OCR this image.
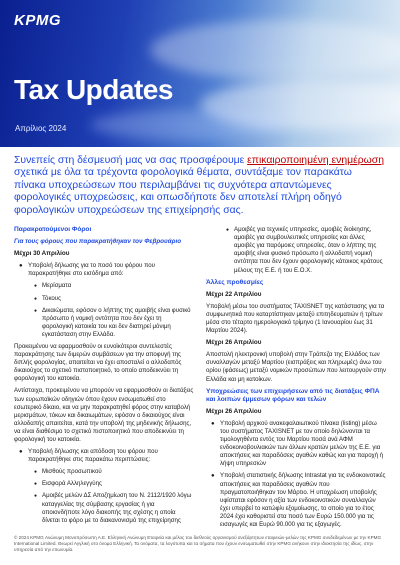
KPMG
Tax Updates
Απρίλιος 2024
Συνεπείς στη δέσμευσή μας να σας προσφέρουμε επικαιροποιημένη ενημέρωση σχετικά με όλα τα τρέχοντα φορολογικά θέματα, συντάξαμε τον παρακάτω πίνακα υποχρεώσεων που περιλαμβάνει τις συχνότερα απαντώμενες φορολογικές υποχρεώσεις, και οπωσδήποτε δεν αποτελεί πλήρη οδηγό φορολογικών υποχρεώσεων της επιχείρησής σας.
Παρακρατούμενοι Φόροι
Για τους φόρους που παρακρατήθηκαν τον Φεβρουάριο
Μέχρι 30 Απριλίου
● Υποβολή δήλωσης για το ποσό του φόρου που παρακρατήθηκε στο εισόδημα από:
● Μερίσματα
● Τόκους
● Δικαιώματα, εφόσον ο λήπτης της αμοιβής είναι φυσικό πρόσωπο ή νομική οντότητα που δεν έχει τη φορολογική κατοικία του και δεν διατηρεί μόνιμη εγκατάσταση στην Ελλάδα.
Προκειμένου να εφαρμοσθούν οι ευνοϊκότεροι συντελεστές παρακράτησης των διμερών συμβάσεων για την αποφυγή της διπλής φορολογίας, απαιτείται να έχει αποσταλεί ο αλλοδαπός δικαιούχος το σχετικό πιστοποιητικό, το οποίο αποδεικνύει τη φορολογική του κατοικία.
Αντίστοιχα, προκειμένου να μπορούν να εφαρμοσθούν οι διατάξεις των ευρωπαϊκών οδηγιών όπου έχουν ενσωματωθεί στο εσωτερικό δίκαιο, και να μην παρακρατηθεί φόρος στην καταβολή μερισμάτων, τόκων και δικαιωμάτων, εφόσον ο δικαιούχος είναι αλλοδαπής απαιτείται, κατά την υποβολή της μηδενικής δήλωσης, να είναι διαθέσιμο το σχετικό πιστοποιητικό που αποδεικνύει τη φορολογική του κατοικία.
● Υποβολή δήλωσης και απόδοση του φόρου που παρακρατήθηκε στις παρακάτω περιπτώσεις:
● Μισθούς προσωπικού
● Εισφορά Αλληλεγγύης
● Αμοιβές μελών ΔΣ Αποζημίωση του Ν. 2112/1920 λόγω καταγγελίας της σύμβασης εργασίας ή για οποιονδήποτε λόγο διακοπής της σχέσης η οποία δίνεται το φόρο με το διακανονισμό της επιχείρησης
● Αμοιβές για τεχνικές υπηρεσίες, αμοιβές διοίκησης, αμοιβές για συμβουλευτικές υπηρεσίες και άλλες αμοιβές για παρόμοιες υπηρεσίες, όταν ο λήπτης της αμοιβής είναι φυσικό πρόσωπο ή αλλοδαπή νομική οντότητα που δεν έχουν φορολογικής κάτοικος κράτους μέλους της Ε.Ε. ή του Ε.Ο.Χ.
Άλλες προθεσμίες
Μέχρι 22 Απριλίου
Υποβολή μέσω του συστήματος TAXISNET της κατάστασης για τα συμφωνητικά που καταρτίστηκαν μεταξύ επιτηδευματιών ή τρίτων μέσα στο τέταρτο ημερολογιακό τρίμηνο (1 Ιανουαρίου έως 31 Μαρτίου 2024).
Μέχρι 26 Απριλίου
Αποστολή ηλεκτρονική υποβολή στην Τράπεζα της Ελλάδος των συναλλαγών μεταξύ Μαρτίου (εισπράξεις και πληρωμές) άνω του ορίου (φάσεως) μεταξύ νομικών προσώπων που λειτουργούν στην Ελλάδα και μη κατοίκων.
Υποχρεώσεις των επιχειρήσεων από τις διατάξεις ΦΠΑ και λοιπών έμμεσων φόρων και τελών
Μέχρι 26 Απριλίου
● Υποβολή αρχικού ανακεφαλαιωτικού πίνακα (listing) μέσω του συστήματος TAXISNET με τον οποίο δηλώνονται τα τιμολογηθέντα εντός του Μαρτίου ποσά ανά ΑΦΜ ενδοκοινοβουλιακών των άλλων κρατών μελών της Ε.Ε. για αποκτήσεις και παραδόσεις αγαθών καθώς και για παροχή ή λήψη υπηρεσιών
● Υποβολή στατιστικής δήλωσης Intrastat για τις ενδοκοινοτικές αποκτήσεις και παραδόσεις αγαθών που πραγματοποιήθηκαν τον Μάρτιο. Η υποχρέωση υποβολής υφίσταται εφόσον η αξία των ενδοκοινοτικών συναλλαγών έχει υπερβεί το κατώφλι εξομοίωσης, το οποίο για το έτος 2024 έχει καθοριστεί στα ποσό των Ευρώ 150.000 για τις εισαγωγές και Ευρώ 90.000 για τις εξαγωγές.
© 2024 KPMG Ανώνυμη Μονοπρόσωπη Α.Ε. Ελληνική Ανώνυμη Εταιρεία και μέλος του διεθνούς οργανισμού ανεξάρτητων εταιρειών-μελών της KPMG συνδεδεμένων με την KPMG International Limited. Θεωρεί Αγγλική στο όνομα Ελληνική. Τα ονόματα, τα λογότυπα και τα σήματα που έχουν ενσωματωθεί στην KPMG ανήκουν στην ιδιοκτησία της ιδίως, στην υπηρεσία από την επωνυμία.
